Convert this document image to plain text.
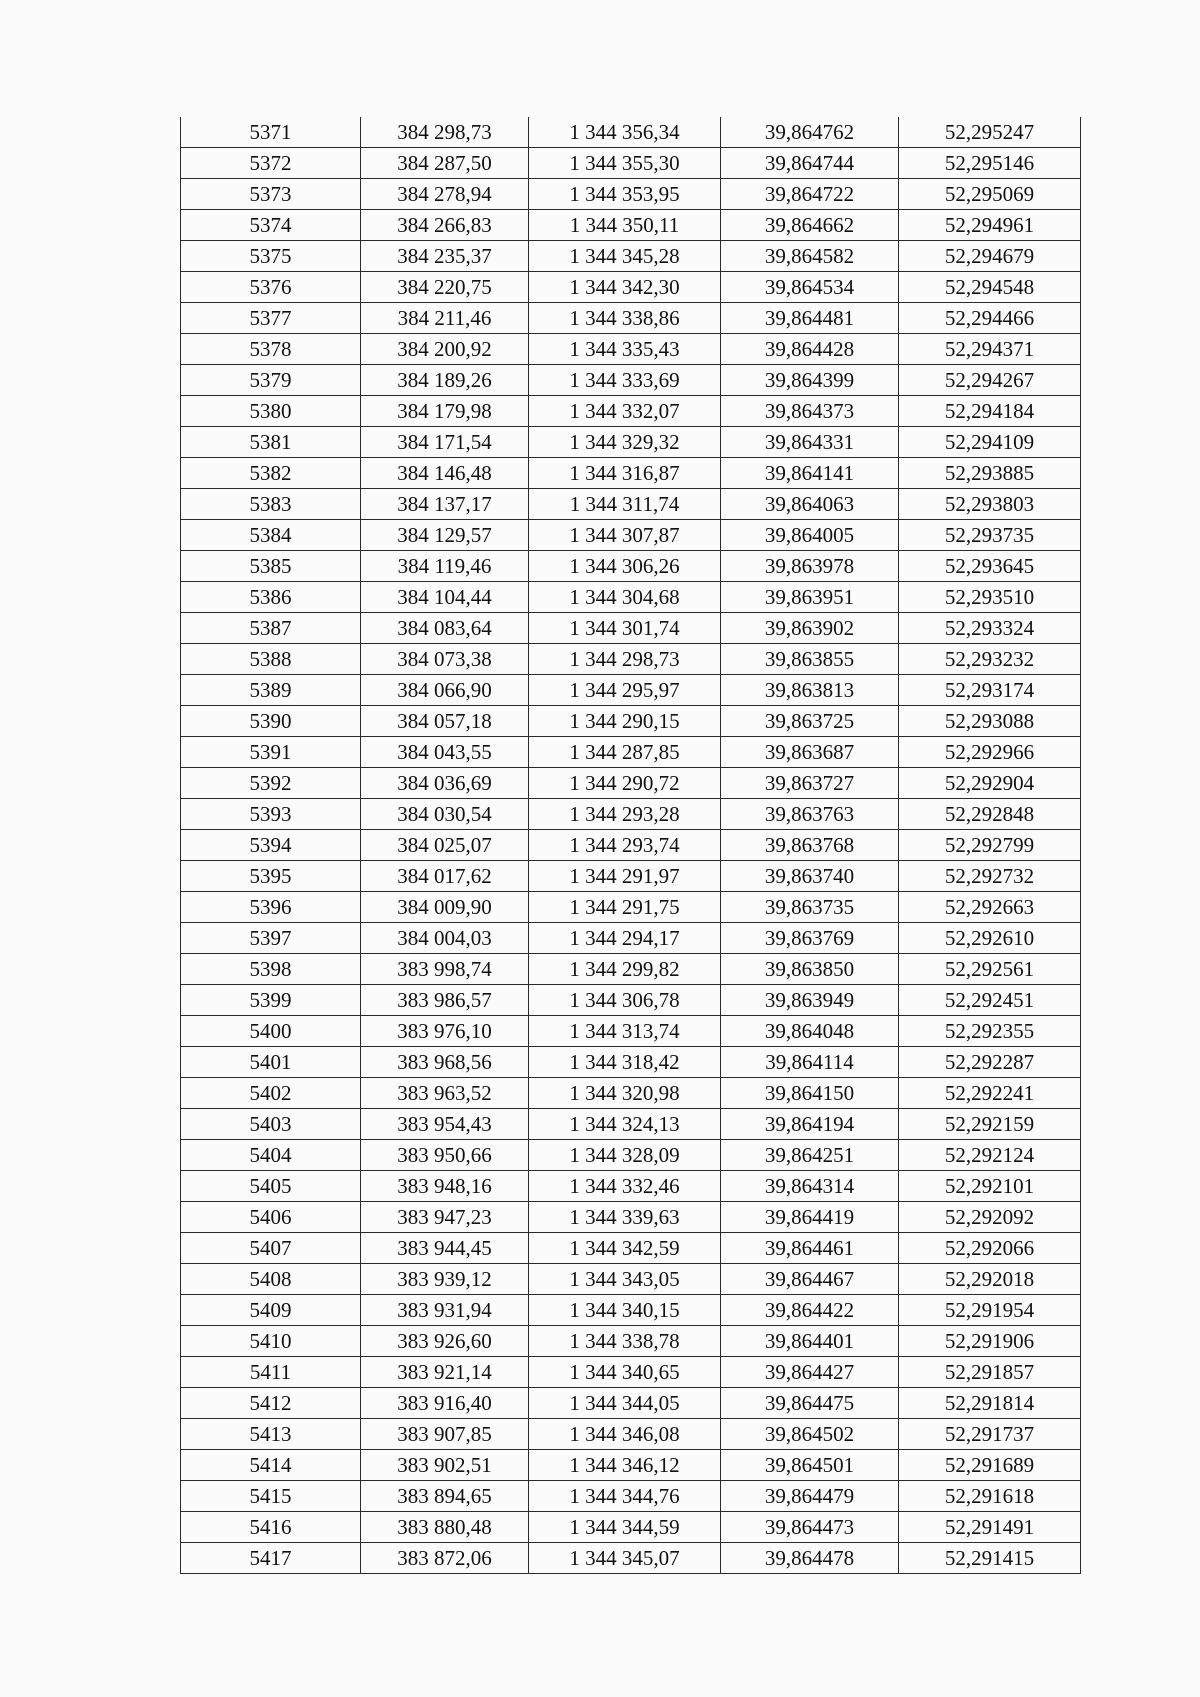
5371	384 298,73	1 344 356,34	39,864762	52,295247
5372	384 287,50	1 344 355,30	39,864744	52,295146
5373	384 278,94	1 344 353,95	39,864722	52,295069
5374	384 266,83	1 344 350,11	39,864662	52,294961
5375	384 235,37	1 344 345,28	39,864582	52,294679
5376	384 220,75	1 344 342,30	39,864534	52,294548
5377	384 211,46	1 344 338,86	39,864481	52,294466
5378	384 200,92	1 344 335,43	39,864428	52,294371
5379	384 189,26	1 344 333,69	39,864399	52,294267
5380	384 179,98	1 344 332,07	39,864373	52,294184
5381	384 171,54	1 344 329,32	39,864331	52,294109
5382	384 146,48	1 344 316,87	39,864141	52,293885
5383	384 137,17	1 344 311,74	39,864063	52,293803
5384	384 129,57	1 344 307,87	39,864005	52,293735
5385	384 119,46	1 344 306,26	39,863978	52,293645
5386	384 104,44	1 344 304,68	39,863951	52,293510
5387	384 083,64	1 344 301,74	39,863902	52,293324
5388	384 073,38	1 344 298,73	39,863855	52,293232
5389	384 066,90	1 344 295,97	39,863813	52,293174
5390	384 057,18	1 344 290,15	39,863725	52,293088
5391	384 043,55	1 344 287,85	39,863687	52,292966
5392	384 036,69	1 344 290,72	39,863727	52,292904
5393	384 030,54	1 344 293,28	39,863763	52,292848
5394	384 025,07	1 344 293,74	39,863768	52,292799
5395	384 017,62	1 344 291,97	39,863740	52,292732
5396	384 009,90	1 344 291,75	39,863735	52,292663
5397	384 004,03	1 344 294,17	39,863769	52,292610
5398	383 998,74	1 344 299,82	39,863850	52,292561
5399	383 986,57	1 344 306,78	39,863949	52,292451
5400	383 976,10	1 344 313,74	39,864048	52,292355
5401	383 968,56	1 344 318,42	39,864114	52,292287
5402	383 963,52	1 344 320,98	39,864150	52,292241
5403	383 954,43	1 344 324,13	39,864194	52,292159
5404	383 950,66	1 344 328,09	39,864251	52,292124
5405	383 948,16	1 344 332,46	39,864314	52,292101
5406	383 947,23	1 344 339,63	39,864419	52,292092
5407	383 944,45	1 344 342,59	39,864461	52,292066
5408	383 939,12	1 344 343,05	39,864467	52,292018
5409	383 931,94	1 344 340,15	39,864422	52,291954
5410	383 926,60	1 344 338,78	39,864401	52,291906
5411	383 921,14	1 344 340,65	39,864427	52,291857
5412	383 916,40	1 344 344,05	39,864475	52,291814
5413	383 907,85	1 344 346,08	39,864502	52,291737
5414	383 902,51	1 344 346,12	39,864501	52,291689
5415	383 894,65	1 344 344,76	39,864479	52,291618
5416	383 880,48	1 344 344,59	39,864473	52,291491
5417	383 872,06	1 344 345,07	39,864478	52,291415
